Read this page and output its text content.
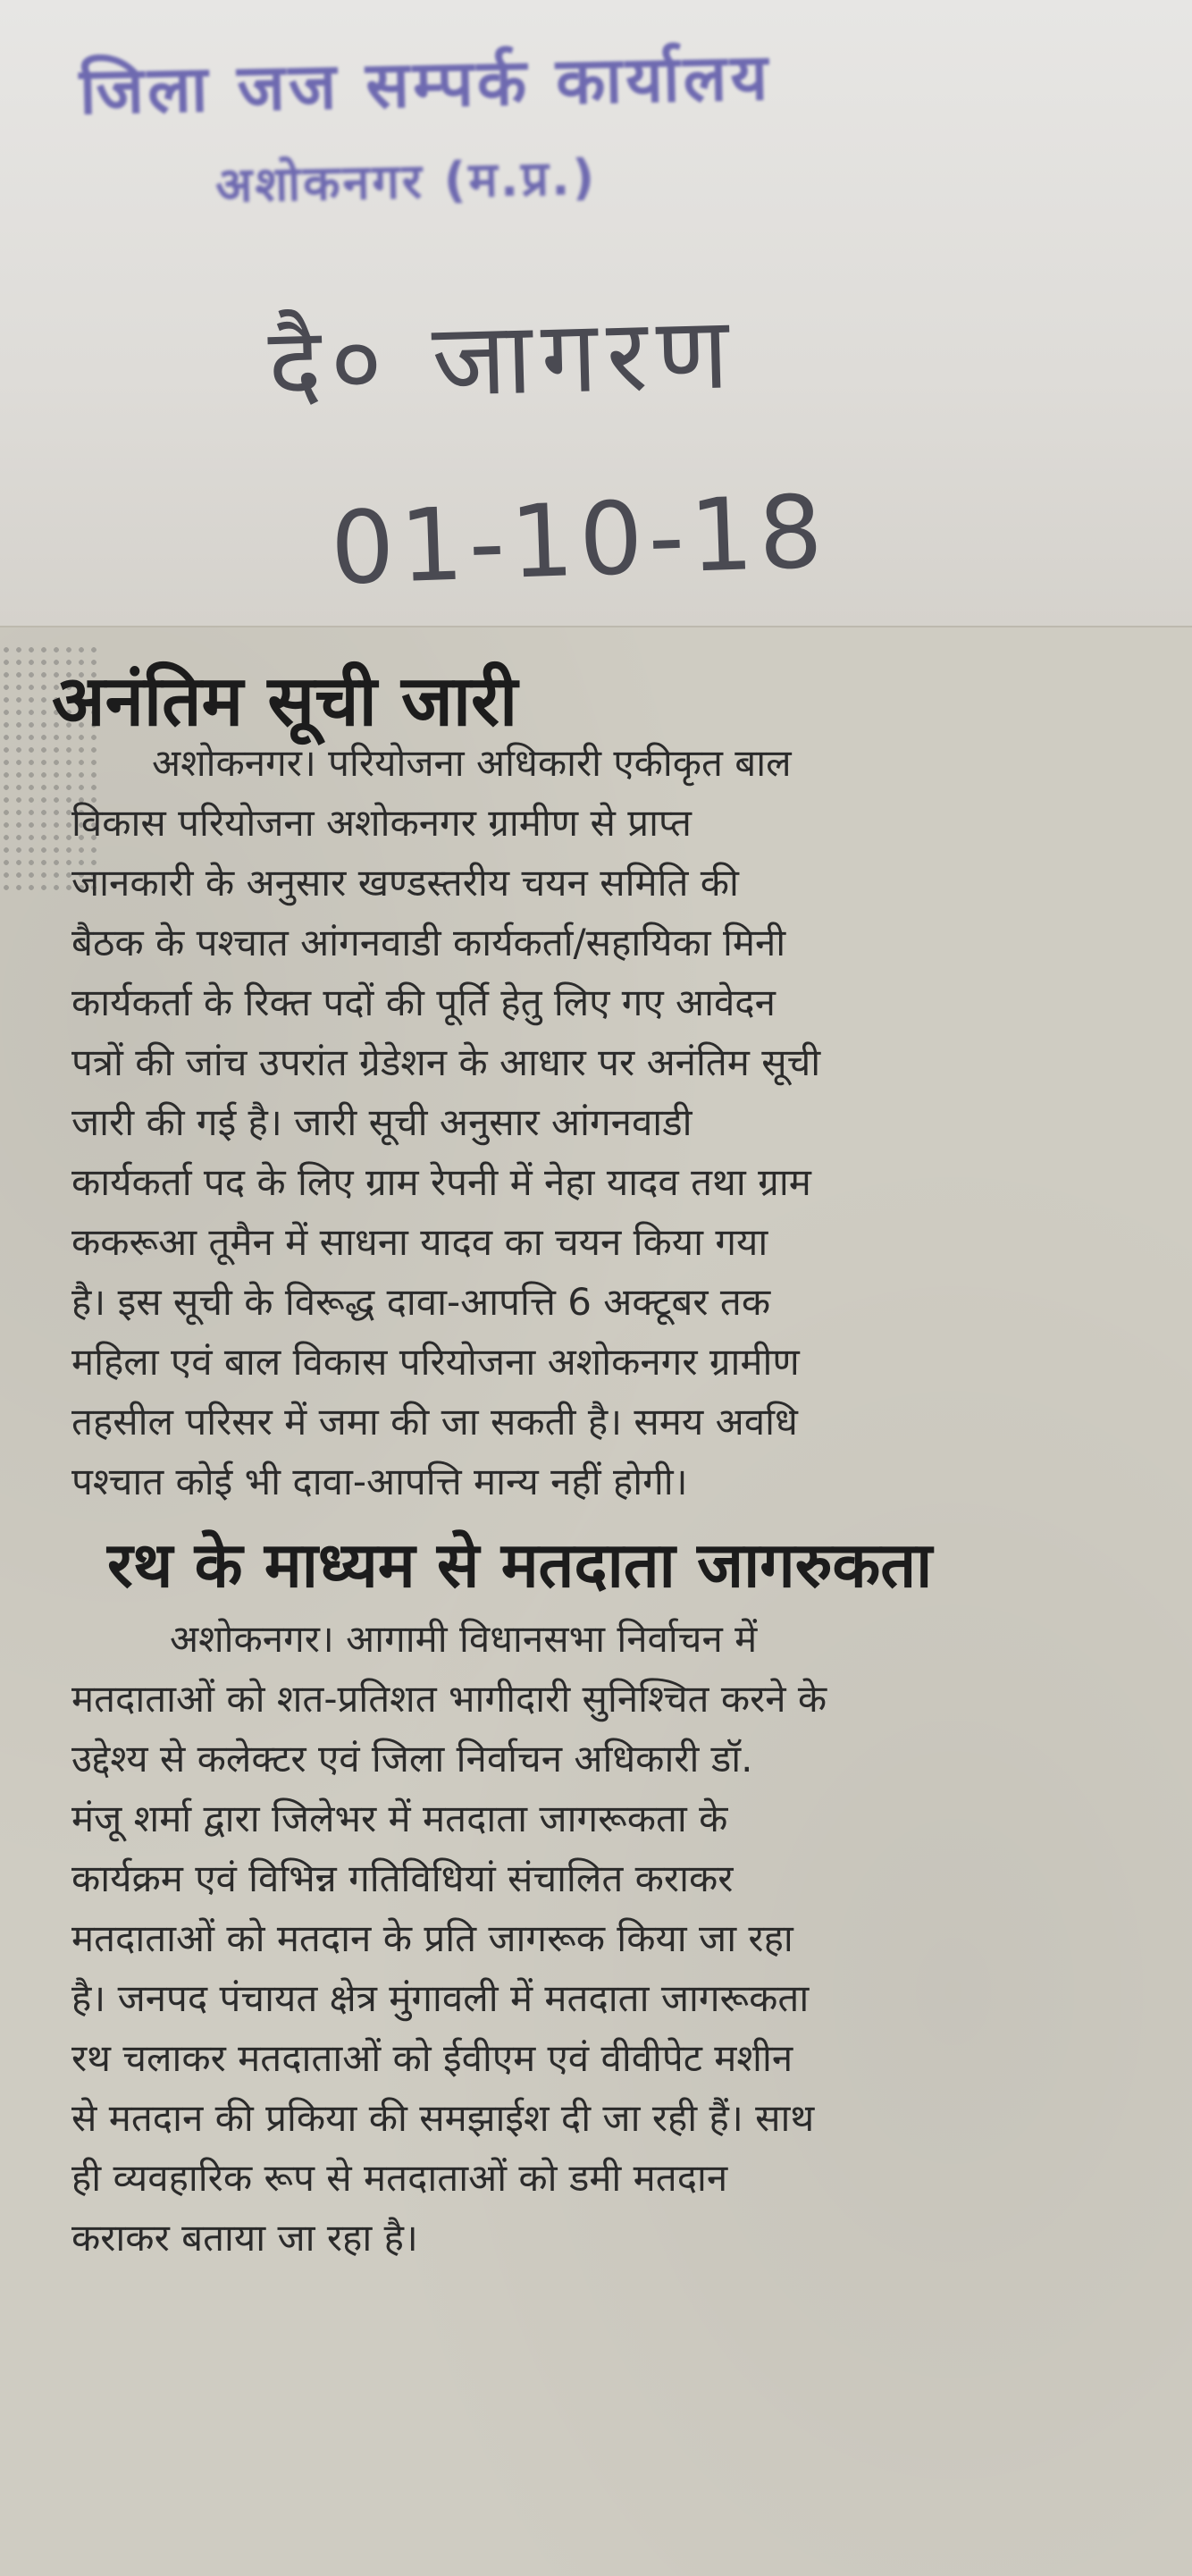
जिला जज सम्पर्क कार्यालय
अशोकनगर (म.प्र.)
दै० जागरण
01-10-18
अनंतिम सूची जारी

अशोकनगर। परियोजना अधिकारी एकीकृत बाल

विकास परियोजना अशोकनगर ग्रामीण से प्राप्त

जानकारी के अनुसार खण्डस्तरीय चयन समिति की

बैठक के पश्चात आंगनवाडी कार्यकर्ता/सहायिका मिनी

कार्यकर्ता के रिक्त पदों की पूर्ति हेतु लिए गए आवेदन

पत्रों की जांच उपरांत ग्रेडेशन के आधार पर अनंतिम सूची

जारी की गई है। जारी सूची अनुसार आंगनवाडी

कार्यकर्ता पद के लिए ग्राम रेपनी में नेहा यादव तथा ग्राम

ककरूआ तूमैन में साधना यादव का चयन किया गया

है। इस सूची के विरूद्ध दावा-आपत्ति 6 अक्टूबर तक

महिला एवं बाल विकास परियोजना अशोकनगर ग्रामीण

तहसील परिसर में जमा की जा सकती है। समय अवधि

पश्चात कोई भी दावा-आपत्ति मान्य नहीं होगी।

रथ के माध्यम से मतदाता जागरुकता

अशोकनगर। आगामी विधानसभा निर्वाचन में

मतदाताओं को शत-प्रतिशत भागीदारी सुनिश्चित करने के

उद्देश्य से कलेक्टर एवं जिला निर्वाचन अधिकारी डॉ.

मंजू शर्मा द्वारा जिलेभर में मतदाता जागरूकता के

कार्यक्रम एवं विभिन्न गतिविधियां संचालित कराकर

मतदाताओं को मतदान के प्रति जागरूक किया जा रहा

है। जनपद पंचायत क्षेत्र मुंगावली में मतदाता जागरूकता

रथ चलाकर मतदाताओं को ईवीएम एवं वीवीपेट मशीन

से मतदान की प्रकिया की समझाईश दी जा रही हैं। साथ

ही व्यवहारिक रूप से मतदाताओं को डमी मतदान

कराकर बताया जा रहा है।
